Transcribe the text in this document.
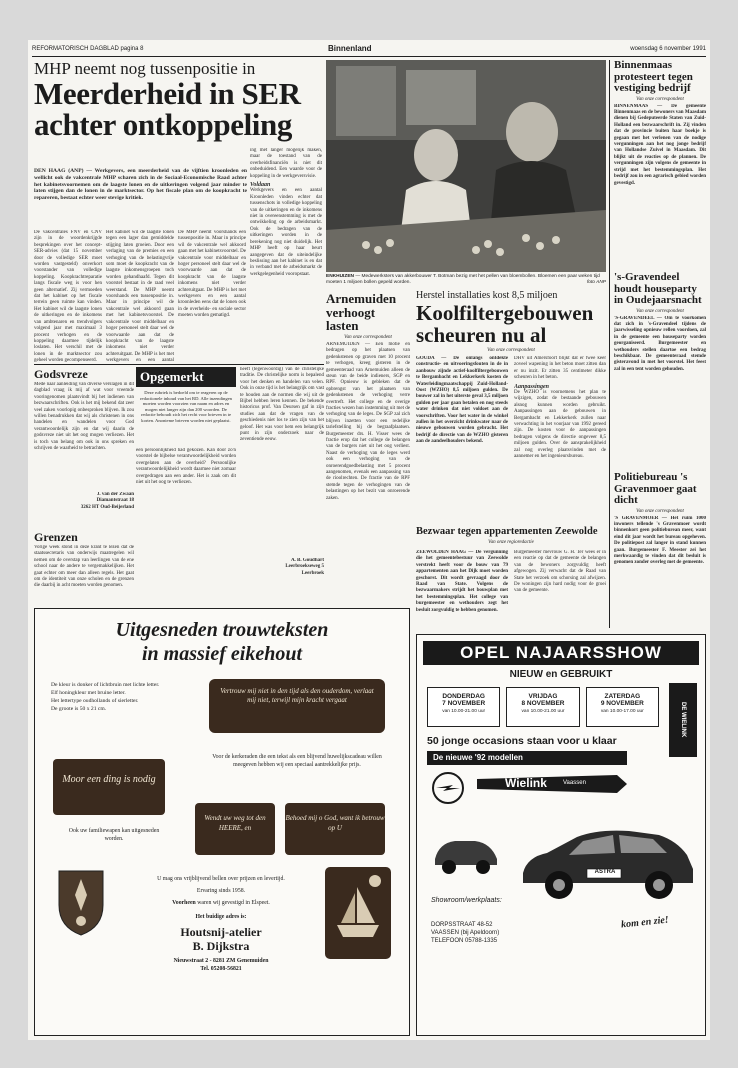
REFORMATORISCH DAGBLAD pagina 8	Binnenland	woensdag 6 november 1991
MHP neemt nog tussenpositie in
Meerderheid in SER
achter ontkoppeling
DEN HAAG (ANP) — Werkgevers, een meerderheid van de vijftien kroonleden en wellicht ook de vakcentrale MHP scharen zich in de Sociaal-Economische Raad achter het kabinetsvoornemen om de laagste lonen en de uitkeringen volgend jaar minder te laten stijgen dan de lonen in de marktsector. Op het fiscale plan om de koopkracht te repareren, bestaat echter weer stevige kritiek.
De vakcentrales FNV en CNV zijn in de woordenkrijgde besprekingen over het concept-SER-advies (dat 15 november door de volledige SER moet worden vastgesteld) onverkort voorstander van volledige koppeling. Koopkrachtreparatie langs fiscale weg is voor hen geen alternatief. Zij vermoeden dat het kabinet op het fiscale terrein geen ruimte kan vinden. Het kabinet wil de laagste lonen de uitkeringen en de inkomens van ambtenaren en trendvolgers volgend jaar met maximaal 3 procent verhogen en de koppeling daarmee tijdelijk loslaten. Het verschil met de lonen in de marktsector zou geheel worden gecompenseerd.
Het kabinet wil de laagste lonen tegen een lager dan gemiddelde stijging laten groeien. Door een verlaging van de premies en een verhoging van de belastingvrije som moet de koopkracht van de laagste inkomensgroepen toch worden gehandhaafd. Tegen dit voorstel bestaat in de raad veel weerstand. De MHP neemt voorshands een tussenpositie in. Maar in principe wil de vakcentrale wel akkoord gaan met het kabinetsvoorstel. De vakcentrale voor middelbaar en hoger personeel stelt daar wel de voorwaarde aan dat de koopkracht van de laagste inkomens niet verder achteruitgaat. De MHP is het met werkgevers en een aantal
De MHP neemt voorshands een tussenpositie in. Maar in principe wil de vakcentrale wel akkoord gaan met het kabinetsvoorstel. De vakcentrale voor middelbaar en hoger personeel stelt daar wel de voorwaarde aan dat de koopkracht van de laagste inkomens niet verder achteruitgaat. De MHP is het met werkgevers en een aantal kroonleden eens dat de lonen ook in de overheids- en sociale sector moeten worden gematigd.
ing met langer mogelijk maken, maar de toestand van de overheidsfinanciën is niet dit onbeduidend. Een waarde voor de koppeling in de werkgeversvisie.
Voldaan
Werkgevers en een aantal Kroonleden vinden echter dat tussenschots in volledige koppeling van de uitkeringen en de inkomens niet in overeenstemming is met de ontwikkeling op de arbeidsmarkt. Ook de bedragen van de uitkeringen worden in de berekening nog niet duidelijk. Het MHP heeft op haar beurt aangegeven dat de uiteindelijke beslissing aan het kabinet is en dat in verband met de arbeidsmarkt de werkgelegenheid vooropstaat.	ENKHUIZEN — Medewerksters van akkerbouwer T. Botman bezig met het pellen van bloembollen. Bloemen een paar weken tijd moeten 1 miljoen bollen gepeld worden.	foto ANP
Arnemuiden verhoogt lasten
Van onze correspondent
ARNEMUIDEN — Een motie en bedragen op het plaatsen van gedenkstenen op graven met 10 procent te verhogen, kreeg gisteren in de gemeenteraad van Arnemuiden alleen de steun van de beide indieners, SGP en RPF. Opnieuw is gebleken dat de opbrengst van het plaatsen van gedenkstenen de verhoging verre overtreft. Het college en de overige fracties wezen hun instemming uit met de verhoging van de leges. De SGP zal zich blijven inzetten voor een redelijke tariefstelling bij de begraafplaatsen. Burgemeester drs. H. Visser wees de fractie erop dat het college de belangen van de burgers niet uit het oog verliest. Naast de verhoging van de leges werd ook een verhoging van de onroerendgoedbelasting met 5 procent aangenomen, evenals een aanpassing van de rioolrechten. De fractie van de RPF stemde tegen de verhogingen van de belastingen op het bezit van onroerende zaken.
Herstel installaties kost 8,5 miljoen
Koolfiltergebouwen
scheuren nu al
Van onze correspondent
GOUDA — De onlangs ontdekte constructie- en uitvoeringsfouten in de in aanbouw zijnde actief-koolfiltergebouwen te Bergambacht en Lekkerkerk kosten de Waterleidingmaatschappij Zuid-Holland-Oost (WZHO) 8,5 miljoen gulden. De bouwer zal in het uiterste geval 3,5 miljoen gulden per jaar gaan betalen en nog steeds water drinken dat niet voldoet aan de voorschriften. Voor het water in de winkel zullen in het overzicht drinkwater naar de nieuwe gebouwen worden gebracht. Het bedrijf de directie van de WZHO gisteren aan de aandeelhouders bekend.
DHV uit Amersfoort blijkt dat er twee keer zoveel wapening in het beton moet zitten dan er nu inzit. Er zitten 35 centimeter dikke scheuren in het beton.
Aanpassingen
De WZHO is voornemens het plan te wijzigen, zodat de bestaande gebouwen alsnog kunnen worden gebruikt. Aanpassingen aan de gebouwen in Bergambacht en Lekkerkerk zullen naar verwachting in het voorjaar van 1992 gereed zijn. De kosten voor de aanpassingen bedragen volgens de directie ongeveer 8,5 miljoen gulden. Over de aansprakelijkheid zal nog overleg plaatsvinden met de aannemer en het ingenieursbureau.
Binnenmaas protesteert tegen vestiging bedrijf
Van onze correspondent
BINNENMAAS — De gemeente Binnenmaas en de bewoners van Maasdam dienen bij Gedeputeerde Staten van Zuid-Holland een bezwaarschrift in. Zij vinden dat de provincie buiten haar boekje is gegaan met het verlenen van de nodige vergunningen aan het nog jonge bedrijf van Hollandse Zuivel in Maasdam. Dit blijkt uit de reacties op de plannen. De vergunningen zijn volgens de gemeente in strijd met het bestemmingsplan. Het bedrijf zou in een agrarisch gebied worden gevestigd.
's-Gravendeel houdt houseparty in Oudejaarsnacht
Van onze correspondent
'S-GRAVENDEEL — Om te voorkomen dat zich in 's-Gravendeel tijdens de jaarwisseling opnieuw rellen voordoen, zal in de gemeente een houseparty worden georganiseerd. Burgemeester en wethouders stellen daartoe een bedrag beschikbaar. De gemeenteraad stemde gisteravond in met het voorstel. Het feest zal in een tent worden gehouden.
Politiebureau 's Gravenmoer gaat dicht
Van onze correspondent
'S GRAVENMOER — Het ruim 1000 inwoners tellende 's Gravenmoer wordt binnenkort geen politieburean meer, want eind dit jaar wordt het bureau opgeheven. De politiepost zal langer in stand kunnen gaan. Burgemeester F. Meester zei het merkwaardig te vinden dat dit besluit is genomen zonder overleg met de gemeente.
Godsvreze
Mede naar aanleiding van diverse verslagen in dit dagblad vraag ik mij af wat voor vreemde vooringenomen plaatsvindt bij het indienen van bezwaarschriften. Ook is het mij bekend dat zeer veel zaken voorlopig onbesproken blijven. Ik zou willen benadrukken dat wij als christenen in ons handelen en wandelen voor God verantwoordelijk zijn en dat wij daarin de godsvreze niet uit het oog mogen verliezen. Het is toch van belang om ook in ons spreken en schrijven de waarheid te betrachten.
J. van der Zwaan
Diamantstraat 18
3262 HT Oud-Beijerland
Grenzen
Vorige week stond in deze krant te lezen dat de staatssecretaris van onderwijs maatregelen wil nemen om de overstap van leerlingen van de ene school naar de andere te vergemakkelijken. Het gaat echter om meer dan alleen regels. Het gaat om de identiteit van onze scholen en de grenzen die daarbij in acht moeten worden genomen.
Opgemerkt
Deze rubriek is bedoeld om te reageren op de redactionele inhoud van het RD. Alle inzendingen moeten worden voorzien van naam en adres en mogen niet langer zijn dan 200 woorden. De redactie behoudt zich het recht voor brieven in te korten. Anonieme brieven worden niet geplaatst.
een persoonlijkheid had gekozen. Kan door zo'n voorstel de bijbelse verantwoordelijkheid worden overgelaten aan de overheid? Persoonlijke verantwoordelijkheid wordt daarmee niet zomaar overgedragen aan een ander. Het is zaak om dit niet uit het oog te verliezen.
heeft (tegenwoordig) van de christelijke traditie. De christelijke norm is bepalend voor het denken en handelen van velen. Ook in onze tijd is het belangrijk om vast te houden aan de normen die wij uit de Bijbel hebben leren kennen. De bekende historicus prof. Van Deursen gaf in zijn studies aan dat de vragen van de geschiedenis niet los te zien zijn van het geloof. Het was voor hem een belangrijk punt in zijn onderzoek naar de zeventiende eeuw.
A. B. Goudhart
Leerbroekseweg 5
Leerbroek
Uitgesneden trouwteksten
in massief eikehout
De kleur is donker of lichtbruin met lichte letter.
Elf honingkleur met bruine letter.
Het lettertype oudhollands of sierletter.
De groote is 50 x 21 cm.
Vertrouw mij niet in den tijd als den ouderdom, verlaat mij niet, terwijl mijn kracht vergaat
Moor een ding is nodig
Voor de kerkeraden die een tekst als een blijvend huwelijkscadeau willen meegeven hebben wij een speciaal aantrekkelijke prijs.
Ook uw familiewapen kan uitgesneden worden.
Wendt uw weg tot den HEERE, en
Behoed mij o God, want ik betrouw op U
U mag ons vrijblijvend bellen over prijzen en levertijd.
Ervaring sinds 1958.
Voorheen waren wij gevestigd in Elspeet.
Het buidige adres is:
Houtsnij-atelier
B. Dijkstra
Nieuwstraat 2 - 8281 ZM Genemuiden
Tel. 05208-56821
Bezwaar tegen appartementen Zeewolde
Van onze regioredactie
ZEEWOLDEN HAAG — De vergunning die het gemeentebestuur van Zeewolde verstrekt heeft voor de bouw van 79 appartementen aan het Dijk moet worden geschorst. Dit wordt gevraagd door de Raad van State. Volgens de bezwaarmakers strijdt het bouwplan met het bestemmingsplan. Het college van burgemeester en wethouders zegt het besluit zorgvuldig te hebben genomen.
Burgemeester mevrouw G. H. Ter wees er in een reactie op dat de gemeente de belangen van de bewoners zorgvuldig heeft afgewogen. Zij verwacht dat de Raad van State het verzoek om schorsing zal afwijzen. De woningen zijn hard nodig voor de groei van de gemeente.
OPEL NAJAARSSHOW
NIEUW en GEBRUIKT
DONDERDAG
7 NOVEMBER
van 10.00-21.00 uur
VRIJDAG
8 NOVEMBER
van 10.00-21.00 uur
ZATERDAG
9 NOVEMBER
van 10.00-17.00 uur	DE WIELINK
50 jonge occasions staan voor u klaar
De nieuwe '92 modellen
Wielink	Vaassen
ASTRA
kom en zie!
Showroom/werkplaats:
DORPSSTRAAT 48-52
VAASSEN (bij Apeldoorn)
TELEFOON 05788-1335
